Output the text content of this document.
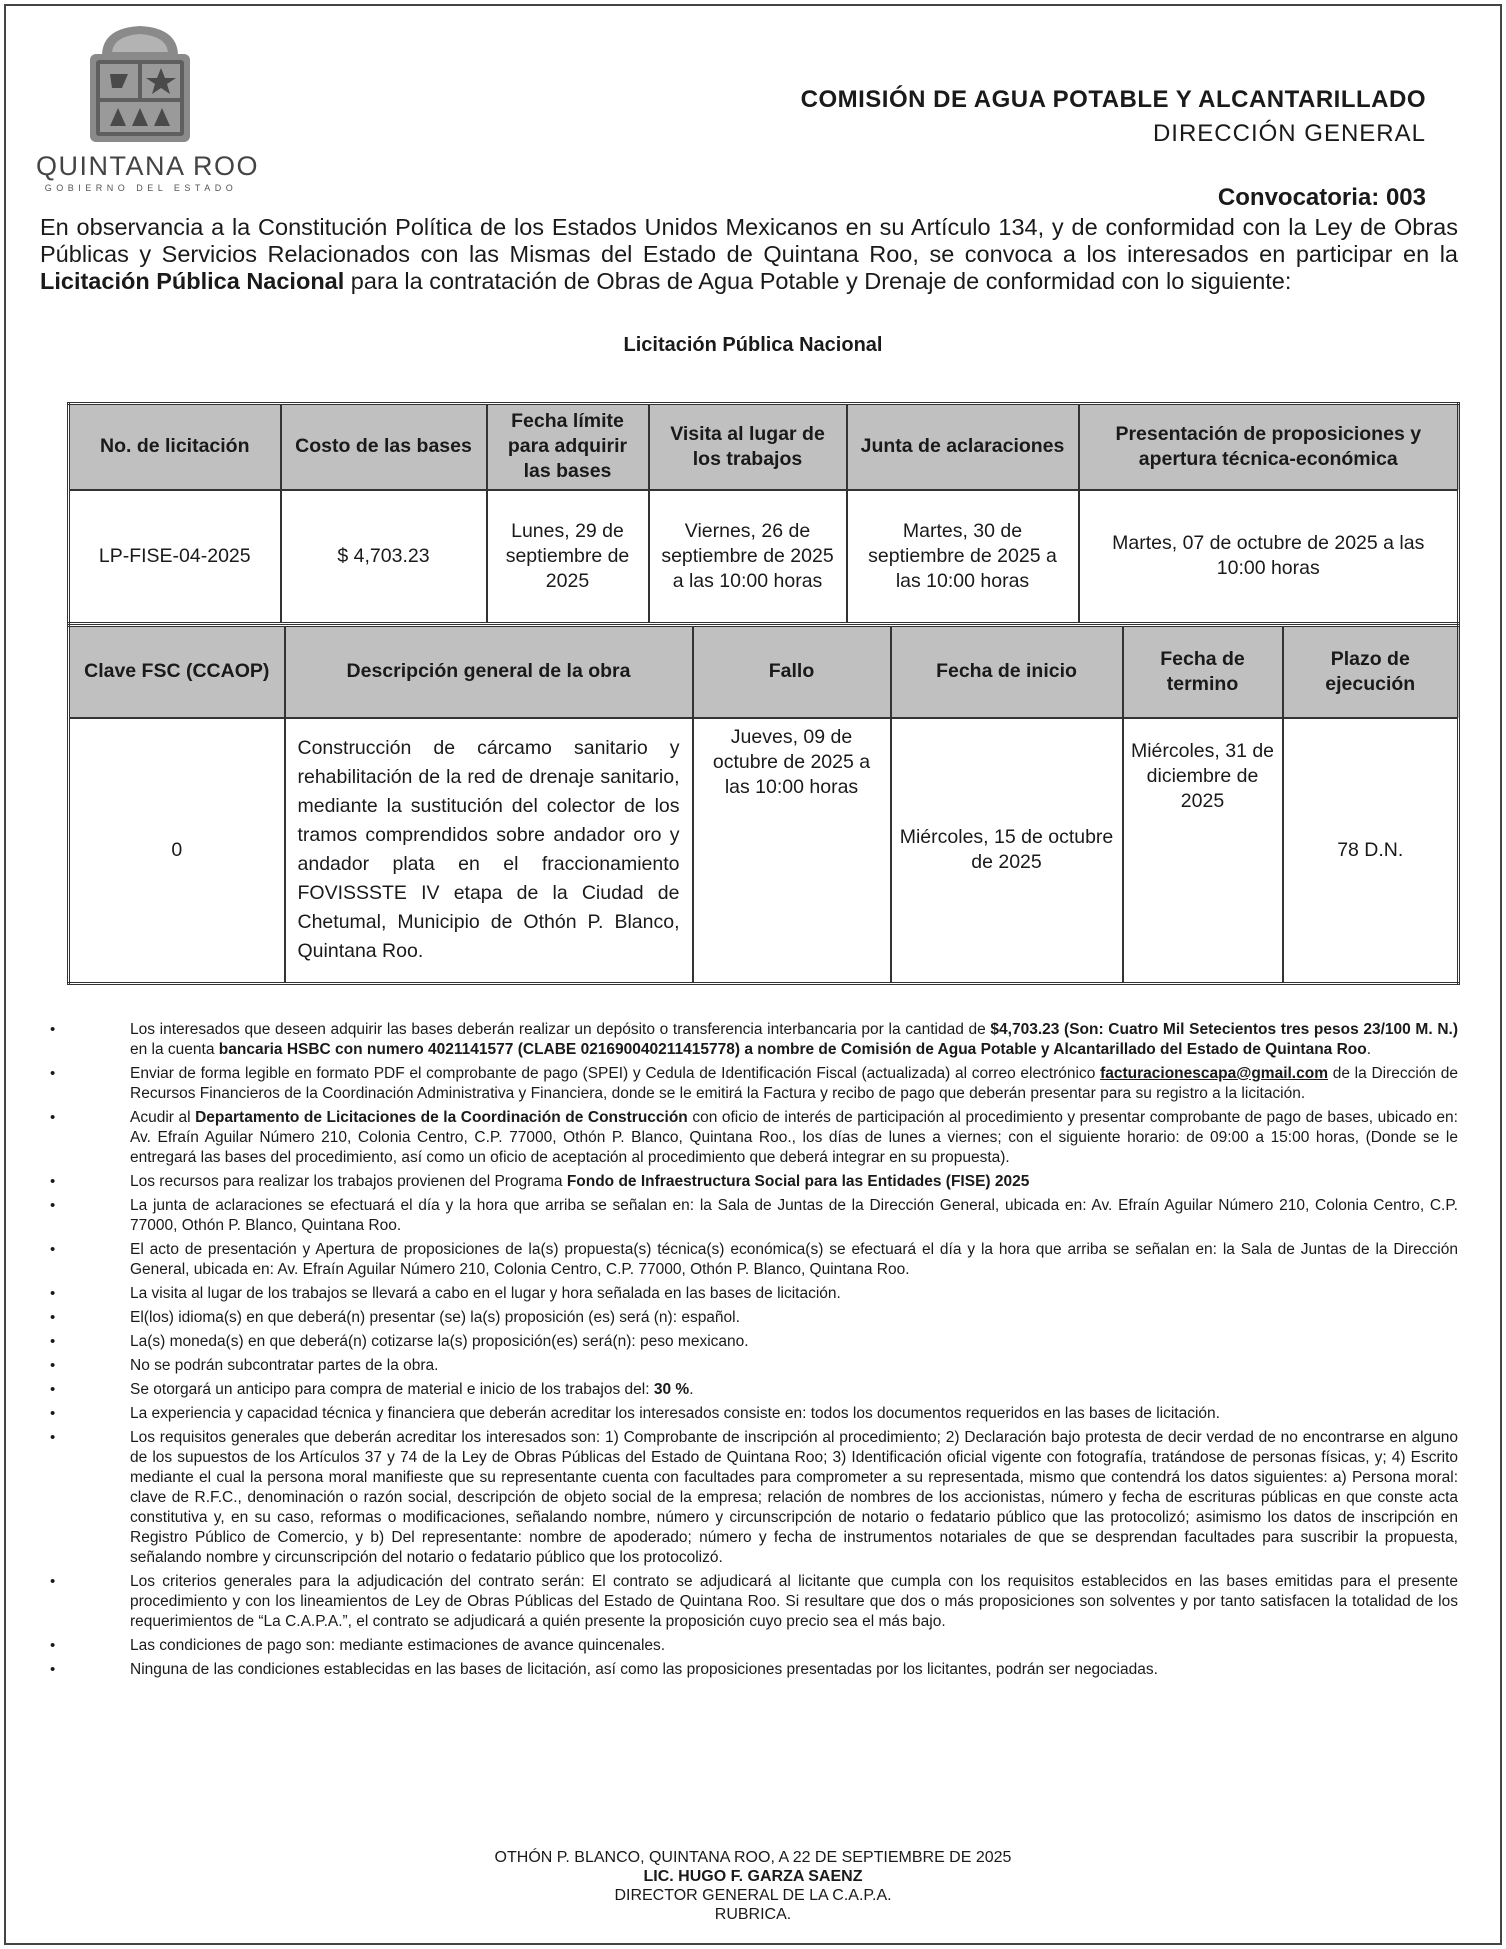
QUINTANA ROO
GOBIERNO DEL ESTADO
COMISIÓN DE AGUA POTABLE Y ALCANTARILLADO
DIRECCIÓN GENERAL
Convocatoria: 003

En observancia a la Constitución Política de los Estados Unidos Mexicanos en su Artículo 134, y de conformidad con la Ley de Obras Públicas y Servicios Relacionados con las Mismas del Estado de Quintana Roo, se convoca a los interesados en participar en la Licitación Pública Nacional para la contratación de Obras de Agua Potable y Drenaje de conformidad con lo siguiente:

Licitación Pública Nacional
No. de licitación	Costo de las bases	Fecha límite para adquirir las bases	Visita al lugar de los trabajos	Junta de aclaraciones	Presentación de proposiciones y apertura técnica-económica
LP-FISE-04-2025	$ 4,703.23	Lunes, 29 de septiembre de 2025	Viernes, 26 de septiembre de 2025 a las 10:00 horas	Martes, 30 de septiembre de 2025 a las 10:00 horas	Martes, 07 de octubre de 2025 a las 10:00 horas
Clave FSC (CCAOP)	Descripción general de la obra	Fallo	Fecha de inicio	Fecha de termino	Plazo de ejecución
0	Construcción de cárcamo sanitario y rehabilitación de la red de drenaje sanitario, mediante la sustitución del colector de los tramos comprendidos sobre andador oro y andador plata en el fraccionamiento FOVISSSTE IV etapa de la Ciudad de Chetumal, Municipio de Othón P. Blanco, Quintana Roo.	Jueves, 09 de octubre de 2025 a las 10:00 horas	Miércoles, 15 de octubre de 2025	Miércoles, 31 de diciembre de 2025	78 D.N.
• Los interesados que deseen adquirir las bases deberán realizar un depósito o transferencia interbancaria por la cantidad de $4,703.23 (Son: Cuatro Mil Setecientos tres pesos 23/100 M. N.) en la cuenta bancaria HSBC con numero 4021141577 (CLABE 021690040211415778) a nombre de Comisión de Agua Potable y Alcantarillado del Estado de Quintana Roo.
• Enviar de forma legible en formato PDF el comprobante de pago (SPEI) y Cedula de Identificación Fiscal (actualizada) al correo electrónico facturacionescapa@gmail.com de la Dirección de Recursos Financieros de la Coordinación Administrativa y Financiera, donde se le emitirá la Factura y recibo de pago que deberán presentar para su registro a la licitación.
• Acudir al Departamento de Licitaciones de la Coordinación de Construcción con oficio de interés de participación al procedimiento y presentar comprobante de pago de bases, ubicado en: Av. Efraín Aguilar Número 210, Colonia Centro, C.P. 77000, Othón P. Blanco, Quintana Roo., los días de lunes a viernes; con el siguiente horario: de 09:00 a 15:00 horas, (Donde se le entregará las bases del procedimiento, así como un oficio de aceptación al procedimiento que deberá integrar en su propuesta).
• Los recursos para realizar los trabajos provienen del Programa Fondo de Infraestructura Social para las Entidades (FISE) 2025
• La junta de aclaraciones se efectuará el día y la hora que arriba se señalan en: la Sala de Juntas de la Dirección General, ubicada en: Av. Efraín Aguilar Número 210, Colonia Centro, C.P. 77000, Othón P. Blanco, Quintana Roo.
• El acto de presentación y Apertura de proposiciones de la(s) propuesta(s) técnica(s) económica(s) se efectuará el día y la hora que arriba se señalan en: la Sala de Juntas de la Dirección General, ubicada en: Av. Efraín Aguilar Número 210, Colonia Centro, C.P. 77000, Othón P. Blanco, Quintana Roo.
• La visita al lugar de los trabajos se llevará a cabo en el lugar y hora señalada en las bases de licitación.
• El(los) idioma(s) en que deberá(n) presentar (se) la(s) proposición (es) será (n): español.
• La(s) moneda(s) en que deberá(n) cotizarse la(s) proposición(es) será(n): peso mexicano.
• No se podrán subcontratar partes de la obra.
• Se otorgará un anticipo para compra de material e inicio de los trabajos del: 30 %.
• La experiencia y capacidad técnica y financiera que deberán acreditar los interesados consiste en: todos los documentos requeridos en las bases de licitación.
• Los requisitos generales que deberán acreditar los interesados son: 1) Comprobante de inscripción al procedimiento; 2) Declaración bajo protesta de decir verdad de no encontrarse en alguno de los supuestos de los Artículos 37 y 74 de la Ley de Obras Públicas del Estado de Quintana Roo; 3) Identificación oficial vigente con fotografía, tratándose de personas físicas, y; 4) Escrito mediante el cual la persona moral manifieste que su representante cuenta con facultades para comprometer a su representada, mismo que contendrá los datos siguientes: a) Persona moral: clave de R.F.C., denominación o razón social, descripción de objeto social de la empresa; relación de nombres de los accionistas, número y fecha de escrituras públicas en que conste acta constitutiva y, en su caso, reformas o modificaciones, señalando nombre, número y circunscripción de notario o fedatario público que las protocolizó; asimismo los datos de inscripción en Registro Público de Comercio, y b) Del representante: nombre de apoderado; número y fecha de instrumentos notariales de que se desprendan facultades para suscribir la propuesta, señalando nombre y circunscripción del notario o fedatario público que los protocolizó.
• Los criterios generales para la adjudicación del contrato serán: El contrato se adjudicará al licitante que cumpla con los requisitos establecidos en las bases emitidas para el presente procedimiento y con los lineamientos de Ley de Obras Públicas del Estado de Quintana Roo. Si resultare que dos o más proposiciones son solventes y por tanto satisfacen la totalidad de los requerimientos de “La C.A.P.A.”, el contrato se adjudicará a quién presente la proposición cuyo precio sea el más bajo.
• Las condiciones de pago son: mediante estimaciones de avance quincenales.
• Ninguna de las condiciones establecidas en las bases de licitación, así como las proposiciones presentadas por los licitantes, podrán ser negociadas.
OTHÓN P. BLANCO, QUINTANA ROO, A 22 DE SEPTIEMBRE DE 2025
LIC. HUGO F. GARZA SAENZ
DIRECTOR GENERAL DE LA C.A.P.A.
RUBRICA.
